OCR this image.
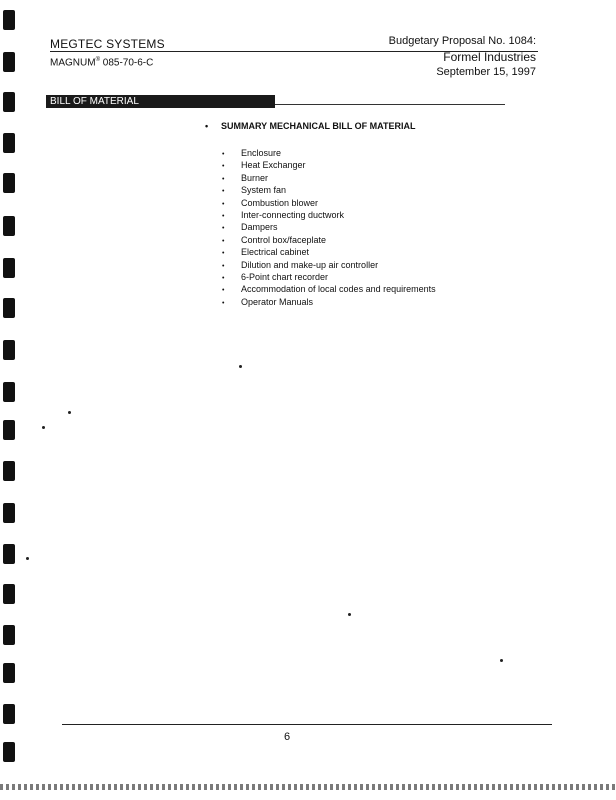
MEGTEC SYSTEMS
MAGNUM® 085-70-6-C
Budgetary Proposal No. 1084:
Formel Industries
September 15, 1997
BILL OF MATERIAL
• SUMMARY MECHANICAL BILL OF MATERIAL
• Enclosure
• Heat Exchanger
• Burner
• System fan
• Combustion blower
• Inter-connecting ductwork
• Dampers
• Control box/faceplate
• Electrical cabinet
• Dilution and make-up air controller
• 6-Point chart recorder
• Accommodation of local codes and requirements
• Operator Manuals
6
